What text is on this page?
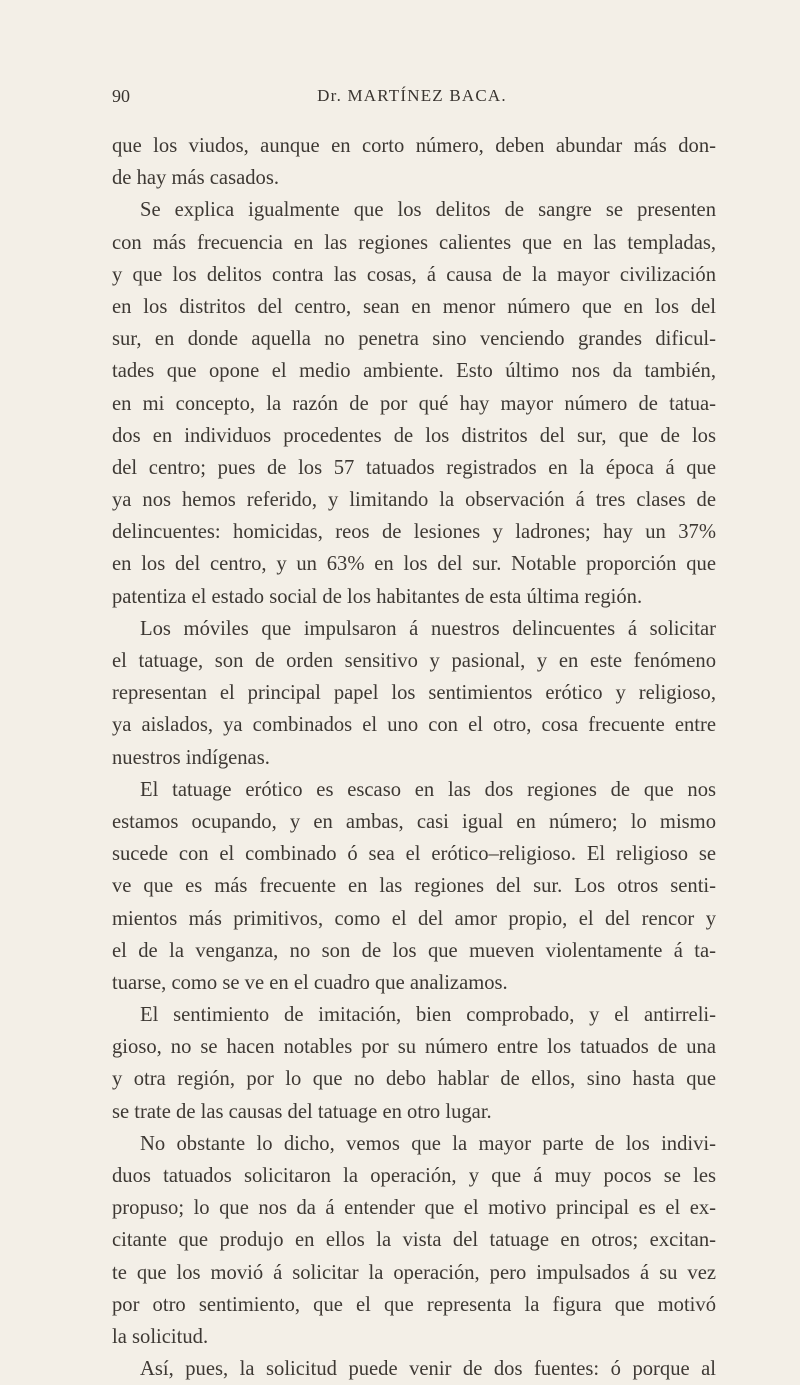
90	Dr. MARTÍNEZ BACA.
que los viudos, aunque en corto número, deben abundar más don-
de hay más casados.
Se explica igualmente que los delitos de sangre se presenten
con más frecuencia en las regiones calientes que en las templadas,
y que los delitos contra las cosas, á causa de la mayor civilización
en los distritos del centro, sean en menor número que en los del
sur, en donde aquella no penetra sino venciendo grandes dificul-
tades que opone el medio ambiente. Esto último nos da también,
en mi concepto, la razón de por qué hay mayor número de tatua-
dos en individuos procedentes de los distritos del sur, que de los
del centro; pues de los 57 tatuados registrados en la época á que
ya nos hemos referido, y limitando la observación á tres clases de
delincuentes: homicidas, reos de lesiones y ladrones; hay un 37%
en los del centro, y un 63% en los del sur. Notable proporción que
patentiza el estado social de los habitantes de esta última región.
Los móviles que impulsaron á nuestros delincuentes á solicitar
el tatuage, son de orden sensitivo y pasional, y en este fenómeno
representan el principal papel los sentimientos erótico y religioso,
ya aislados, ya combinados el uno con el otro, cosa frecuente entre
nuestros indígenas.
El tatuage erótico es escaso en las dos regiones de que nos
estamos ocupando, y en ambas, casi igual en número; lo mismo
sucede con el combinado ó sea el erótico–religioso. El religioso se
ve que es más frecuente en las regiones del sur. Los otros senti-
mientos más primitivos, como el del amor propio, el del rencor y
el de la venganza, no son de los que mueven violentamente á ta-
tuarse, como se ve en el cuadro que analizamos.
El sentimiento de imitación, bien comprobado, y el antirreli-
gioso, no se hacen notables por su número entre los tatuados de una
y otra región, por lo que no debo hablar de ellos, sino hasta que
se trate de las causas del tatuage en otro lugar.
No obstante lo dicho, vemos que la mayor parte de los indivi-
duos tatuados solicitaron la operación, y que á muy pocos se les
propuso; lo que nos da á entender que el motivo principal es el ex-
citante que produjo en ellos la vista del tatuage en otros; excitan-
te que los movió á solicitar la operación, pero impulsados á su vez
por otro sentimiento, que el que representa la figura que motivó
la solicitud.
Así, pues, la solicitud puede venir de dos fuentes: ó porque al
